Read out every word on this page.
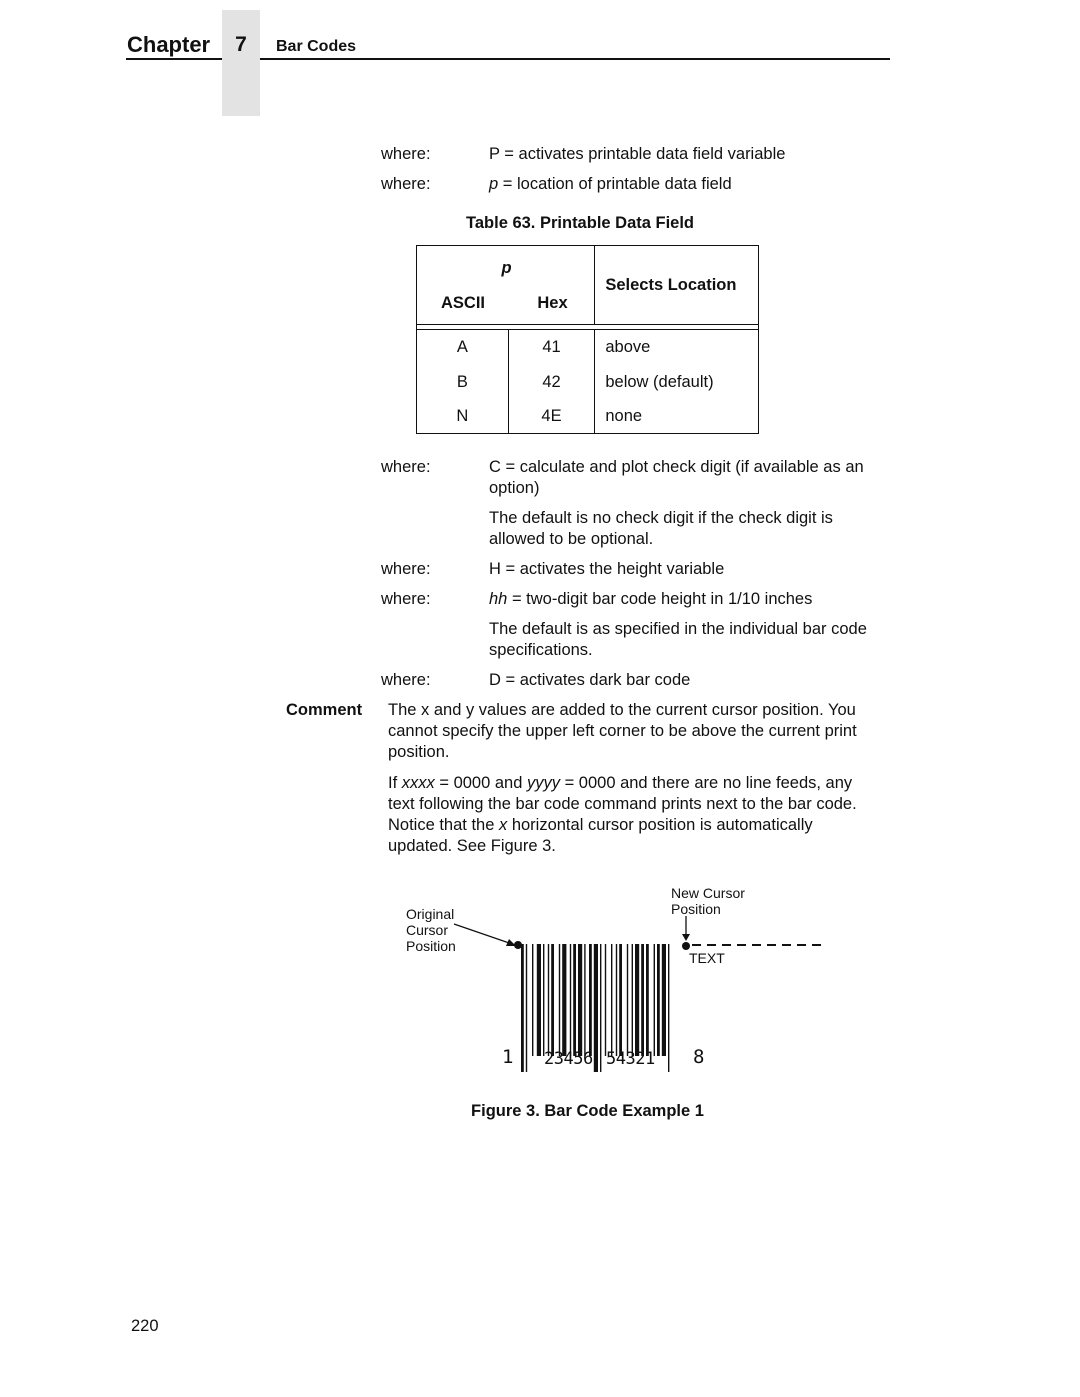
Chapter	7	Bar Codes
where:	P = activates printable data field variable
where:	p = location of printable data field
Table 63. Printable Data Field
p
ASCII Hex		Selects Location

A	41	above
B	42	below (default)
N	4E	none
where:	C = calculate and plot check digit (if available as an
option)
The default is no check digit if the check digit is
allowed to be optional.
where:	H = activates the height variable
where:	hh = two-digit bar code height in 1/10 inches
The default is as specified in the individual bar code
specifications.
where:	D = activates dark bar code
Comment The x and y values are added to the current cursor position. You
cannot specify the upper left corner to be above the current print
position.
If xxxx = 0000 and yyyy = 0000 and there are no line feeds, any
text following the bar code command prints next to the bar code.
Notice that the x horizontal cursor position is automatically
updated. See Figure 3.
Original
Cursor
Position
New Cursor
Position
TEXT
1 23456 54321 8
Figure 3. Bar Code Example 1
220
